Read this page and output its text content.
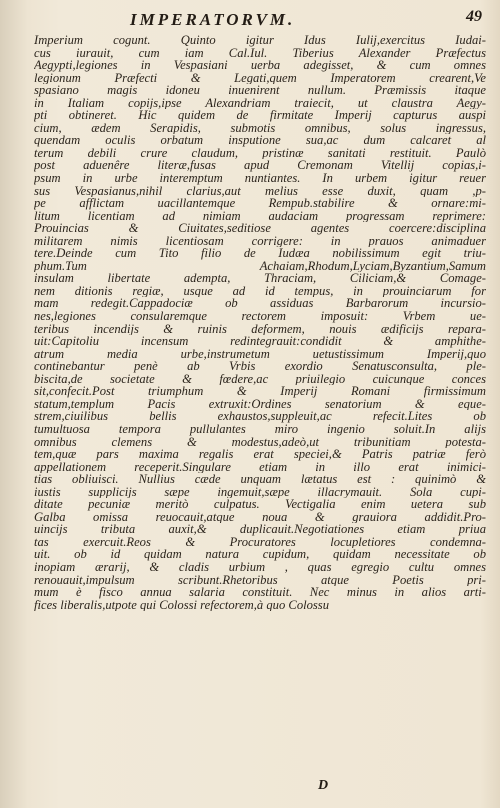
IMPERATORVM.	49
Imperium cogunt. Quinto igitur Idus Iulij,exercitus Iudai-
cus iurauit, cum iam Cal.Iul. Tiberius Alexander Præfectus
Aegypti,legiones in Vespasiani uerba adegisset, & cum omnes
legionum Præfecti & Legati,quem Imperatorem crearent,Ve
spasiano magis idoneu inuenirent nullum. Præmissis itaque
in Italiam copijs,ipse Alexandriam traiecit, ut claustra Aegy-
pti obtineret. Hic quidem de firmitate Imperij capturus auspi
cium, ædem Serapidis, submotis omnibus, solus ingressus,
quendam oculis orbatum insputione sua,ac dum calcaret al
terum debili crure claudum, pristinæ sanitati restituit. Paulò
post aduenêre literæ,fusas apud Cremonam Vitellij copias,i-
psum in urbe interemptum nuntiantes. In urbem igitur reuer
sus Vespasianus,nihil clarius,aut melius esse duxit, quam ,p-
pe afflictam uacillantemque Rempub.stabilire & ornare:mi-
litum licentiam ad nimiam audaciam progressam reprimere:
Prouincias & Ciuitates,seditiose agentes coercere:disciplina
militarem nimis licentiosam corrigere: in prauos animaduer
tere.Deinde cum Tito filio de Iudæa nobilissimum egit triu-
phum.Tum Achaiam,Rhodum,Lyciam,Byzantium,Samum
insulam libertate adempta, Thraciam, Ciliciam,& Comage-
nem ditionis regiæ, usque ad id tempus, in prouinciarum for
mam redegit.Cappadociæ ob assiduas Barbarorum incursio-
nes,legiones consularemque rectorem imposuit: Vrbem ue-
teribus incendijs & ruinis deformem, nouis ædificijs repara-
uit:Capitoliu incensum redintegrauit:condidit & amphithe-
atrum media urbe,instrumetum uetustissimum Imperij,quo
continebantur penè ab Vrbis exordio Senatusconsulta, ple-
biscita,de societate & fœdere,ac priuilegio cuicunque conces
sit,confecit.Post triumphum & Imperij Romani firmissimum
statum,templum Pacis extruxit:Ordines senatorium & eque-
strem,ciuilibus bellis exhaustos,suppleuit,ac refecit.Lites ob
tumultuosa tempora pullulantes miro ingenio soluit.In alijs
omnibus clemens & modestus,adeò,ut tribunitiam potesta-
tem,quæ pars maxima regalis erat speciei,& Patris patriæ ferò
appellationem receperit.Singulare etiam in illo erat inimici-
tias obliuisci. Nullius cæde unquam lætatus est : quinimò &
iustis supplicijs sæpe ingemuit,sæpe illacrymauit. Sola cupi-
ditate pecuniæ meritò culpatus. Vectigalia enim uetera sub
Galba omissa reuocauit,atque noua & grauiora addidit.Pro-
uincijs tributa auxit,& duplicauit.Negotiationes etiam priua
tas exercuit.Reos & Procuratores locupletiores condemna-
uit. ob id quidam natura cupidum, quidam necessitate ob
inopiam ærarij, & cladis urbium , quas egregio cultu omnes
renouauit,impulsum scribunt.Rhetoribus atque Poetis pri-
mum è fisco annua salaria constituit. Nec minus in alios arti-
fices liberalis,utpote qui Colossi refectorem,à quo Colossu
D
